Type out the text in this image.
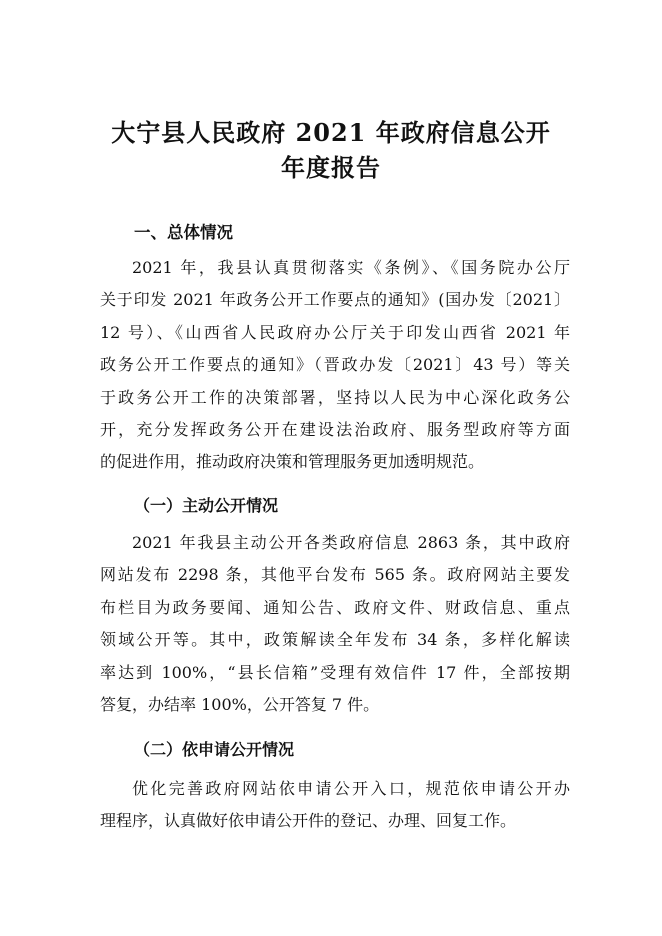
大宁县人民政府 2021 年政府信息公开
年度报告
一、总体情况
2021 年，我县认真贯彻落实《条例》、《国务院办公厅
关于印发 2021 年政务公开工作要点的通知》(国办发〔2021〕
12 号）、《山西省人民政府办公厅关于印发山西省 2021 年
政务公开工作要点的通知》（晋政办发〔2021〕43 号）等关
于政务公开工作的决策部署，坚持以人民为中心深化政务公
开，充分发挥政务公开在建设法治政府、服务型政府等方面
的促进作用，推动政府决策和管理服务更加透明规范。
（一）主动公开情况
2021 年我县主动公开各类政府信息 2863 条，其中政府
网站发布 2298 条，其他平台发布 565 条。政府网站主要发
布栏目为政务要闻、通知公告、政府文件、财政信息、重点
领域公开等。其中，政策解读全年发布 34 条，多样化解读
率达到 100%，“县长信箱”受理有效信件 17 件，全部按期
答复，办结率 100%，公开答复 7 件。
（二）依申请公开情况
优化完善政府网站依申请公开入口，规范依申请公开办
理程序，认真做好依申请公开件的登记、办理、回复工作。
